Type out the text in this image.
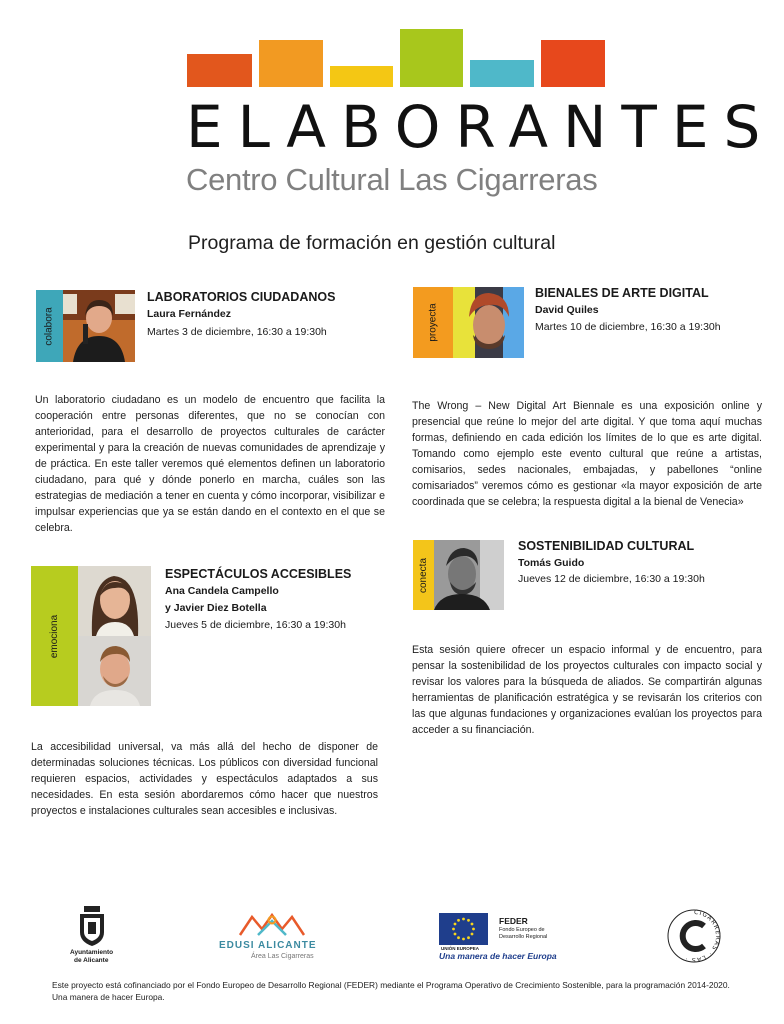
ELABORANTES
Centro Cultural Las Cigarreras
Programa de formación en gestión cultural
colabora
LABORATORIOS CIUDADANOS
Laura Fernández
Martes 3 de diciembre, 16:30 a 19:30h
Un laboratorio ciudadano es un modelo de encuentro que facilita la cooperación entre personas diferentes, que no se conocían con anterioridad, para el desarrollo de proyectos culturales de carácter experimental y para la creación de nuevas comunidades de aprendizaje y de práctica. En este taller veremos qué elementos definen un laboratorio ciudadano, para qué y dónde ponerlo en marcha, cuáles son las estrategias de mediación a tener en cuenta y cómo incorporar, visibilizar e impulsar experiencias que ya se están dando en el contexto en el que se celebra.
emociona
ESPECTÁCULOS ACCESIBLES
Ana Candela Campello
y Javier Diez Botella
Jueves 5 de diciembre, 16:30 a 19:30h
La accesibilidad universal, va más allá del hecho de disponer de determinadas soluciones técnicas. Los públicos con diversidad funcional requieren espacios, actividades y espectáculos adaptados a sus necesidades. En esta sesión abordaremos cómo hacer que nuestros proyectos e instalaciones culturales sean accesibles e inclusivas.
proyecta
BIENALES DE ARTE DIGITAL
David Quiles
Martes 10 de diciembre, 16:30 a 19:30h
The Wrong – New Digital Art Biennale es una exposición online y presencial que reúne lo mejor del arte digital. Y que toma aquí muchas formas, definiendo en cada edición los límites de lo que es arte digital. Tomando como ejemplo este evento cultural que reúne a artistas, comisarios, sedes nacionales, embajadas, y pabellones “online comisariados” veremos cómo es gestionar «la mayor exposición de arte coordinada que se celebra; la respuesta digital a la bienal de Venecia»
conecta
SOSTENIBILIDAD CULTURAL
Tomás Guido
Jueves 12 de diciembre, 16:30 a 19:30h
Esta sesión quiere ofrecer un espacio informal y de encuentro, para pensar la sostenibilidad de los proyectos culturales con impacto social y revisar los valores para la búsqueda de aliados. Se compartirán algunas herramientas de planificación estratégica y se revisarán los criterios con las que algunas fundaciones y organizaciones evalúan los proyectos para acceder a su financiación.
Ayuntamiento
de Alicante
EDUSI ALICANTE
Área Las Cigarreras
UNIÓN EUROPEA
FEDER
Fondo Europeo de
Desarrollo Regional
Una manera de hacer Europa
CIGARRERAS · LAS ·
Este proyecto está cofinanciado por el Fondo Europeo de Desarrollo Regional (FEDER) mediante el Programa Operativo de Crecimiento Sostenible, para la programación 2014-2020. Una manera de hacer Europa.
